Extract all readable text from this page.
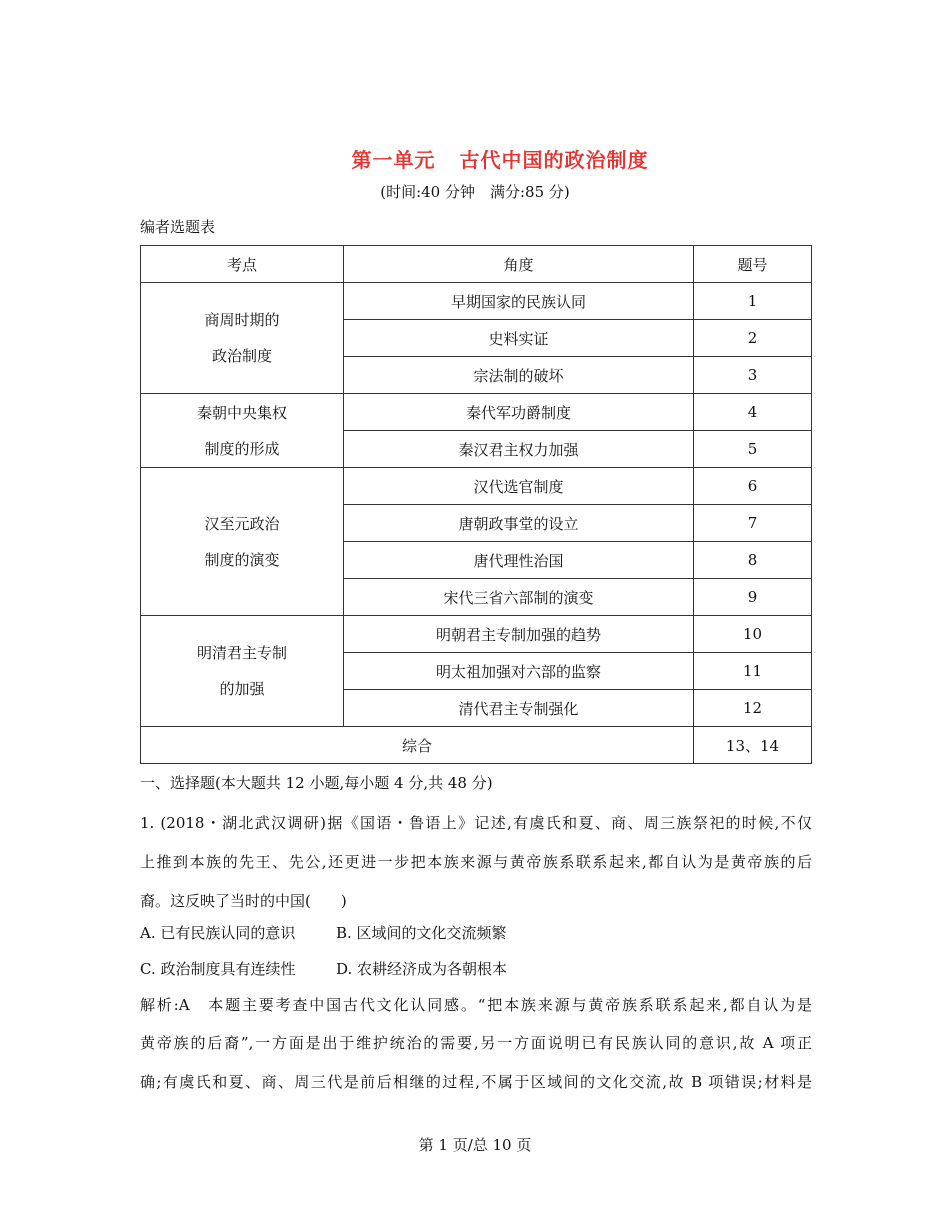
第一单元 古代中国的政治制度
(时间:40 分钟　满分:85 分)
编者选题表
考点	角度	题号
商周时期的
政治制度	早期国家的民族认同	1
	史料实证	2
	宗法制的破坏	3
秦朝中央集权
制度的形成	秦代军功爵制度	4
	秦汉君主权力加强	5
汉至元政治
制度的演变	汉代选官制度	6
	唐朝政事堂的设立	7
	唐代理性治国	8
	宋代三省六部制的演变	9
明清君主专制
的加强	明朝君主专制加强的趋势	10
	明太祖加强对六部的监察	11
	清代君主专制强化	12
综合		13、14
一、选择题(本大题共 12 小题,每小题 4 分,共 48 分)
1. (2018・湖北武汉调研)据《国语・鲁语上》记述,有虞氏和夏、商、周三族祭祀的时候,不仅
上推到本族的先王、先公,还更进一步把本族来源与黄帝族系联系起来,都自认为是黄帝族的后
裔。这反映了当时的中国(　　)
A. 已有民族认同的意识	B. 区域间的文化交流频繁
C. 政治制度具有连续性	D. 农耕经济成为各朝根本
解析:A　本题主要考查中国古代文化认同感。“把本族来源与黄帝族系联系起来,都自认为是
黄帝族的后裔”,一方面是出于维护统治的需要,另一方面说明已有民族认同的意识,故 A 项正
确;有虞氏和夏、商、周三代是前后相继的过程,不属于区域间的文化交流,故 B 项错误;材料是
第 1 页/总 10 页
